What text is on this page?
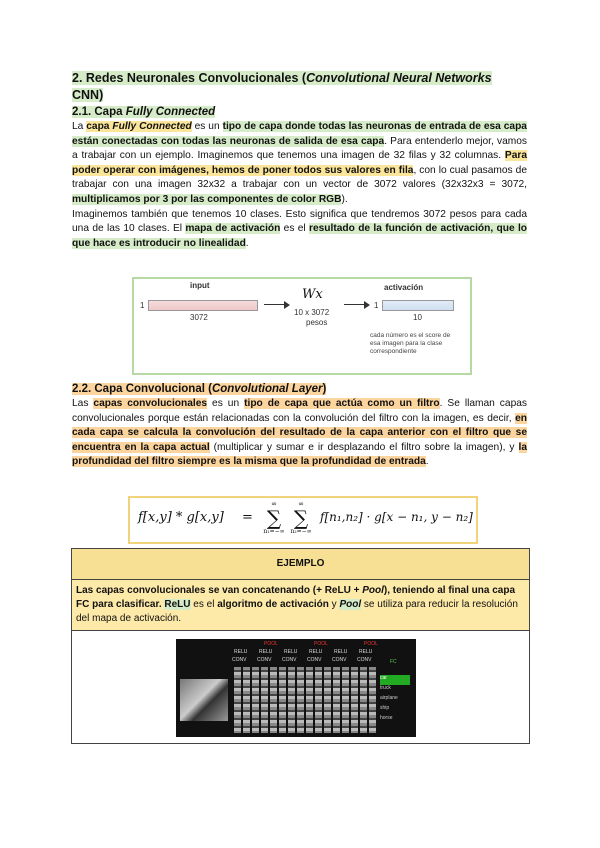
2. Redes Neuronales Convolucionales (Convolutional Neural Networks
CNN)
2.1. Capa Fully Connected

La capa Fully Connected es un tipo de capa donde todas las neuronas de entrada de esa capa están conectadas con todas las neuronas de salida de esa capa. Para entenderlo mejor, vamos a trabajar con un ejemplo. Imaginemos que tenemos una imagen de 32 filas y 32 columnas. Para poder operar con imágenes, hemos de poner todos sus valores en fila, con lo cual pasamos de trabajar con una imagen 32x32 a trabajar con un vector de 3072 valores (32x32x3 = 3072, multiplicamos por 3 por las componentes de color RGB).

Imaginemos también que tenemos 10 clases. Esto significa que tendremos 3072 pesos para cada una de las 10 clases. El mapa de activación es el resultado de la función de activación, que lo que hace es introducir no linealidad.

input
1
3072
Wx
10 x 3072
pesos
activación
1
10
cada número es el score de esa imagen para la clase correspondiente
2.2. Capa Convolucional (Convolutional Layer)

Las capas convolucionales es un tipo de capa que actúa como un filtro. Se llaman capas convolucionales porque están relacionadas con la convolución del filtro con la imagen, es decir, en cada capa se calcula la convolución del resultado de la capa anterior con el filtro que se encuentra en la capa actual (multiplicar y sumar e ir desplazando el filtro sobre la imagen), y la profundidad del filtro siempre es la misma que la profundidad de entrada.

f[x,y] * g[x,y] =
∞
∑
n₁=−∞
∞
∑
n₂=−∞
f[n₁,n₂] · g[x − n₁, y − n₂]
EJEMPLO
Las capas convolucionales se van concatenando (+ ReLU + Pool), teniendo al final una capa FC para clasificar. ReLU es el algoritmo de activación y Pool se utiliza para reducir la resolución del mapa de activación.
RELU RELU RELU RELU RELU RELU
CONV CONV CONV CONV CONV CONV
POOL	POOL	POOL
FC
car
truck
airplane
ship
horse
